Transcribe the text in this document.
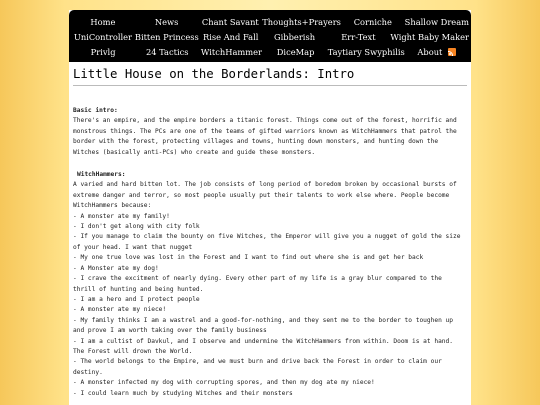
Home	News	Chant Savant Thoughts+Prayers	Corniche	Shallow Dream
UniController Bitten Princess Rise And Fall	Gibberish	Err-Text	Wight Baby Maker
Privlg	24 Tactics	WitchHammer	DiceMap	Taytiary Swyphilis About
Little House on the Borderlands: Intro
Basic intro:

There's an empire, and the empire borders a titanic forest. Things come out of the forest, horrific and monstrous things. The PCs are one of the teams of gifted warriors known as WitchHammers that patrol the border with the forest, protecting villages and towns, hunting down monsters, and hunting down the Witches (basically anti-PCs) who create and guide these monsters.

WitchHammers:

A varied and hard bitten lot. The job consists of long period of boredom broken by occasional bursts of extreme danger and terror, so most people usually put their talents to work else where. People become WitchHammers because:

- A monster ate my family!
- I don't get along with city folk
- If you manage to claim the bounty on five Witches, the Emperor will give you a nugget of gold the size of your head. I want that nugget
- My one true love was lost in the Forest and I want to find out where she is and get her back
- A Monster ate my dog!
- I crave the excitment of nearly dying. Every other part of my life is a gray blur compared to the thrill of hunting and being hunted.
- I am a hero and I protect people
- A monster ate my niece!
- My family thinks I am a wastrel and a good-for-nothing, and they sent me to the border to toughen up and prove I am worth taking over the family business
- I am a cultist of Davkul, and I observe and undermine the WitchHammers from within. Doom is at hand. The Forest will drown the World.
- The world belongs to the Empire, and we must burn and drive back the Forest in order to claim our destiny.
- A monster infected my dog with corrupting spores, and then my dog ate my niece!
- I could learn much by studying Witches and their monsters
